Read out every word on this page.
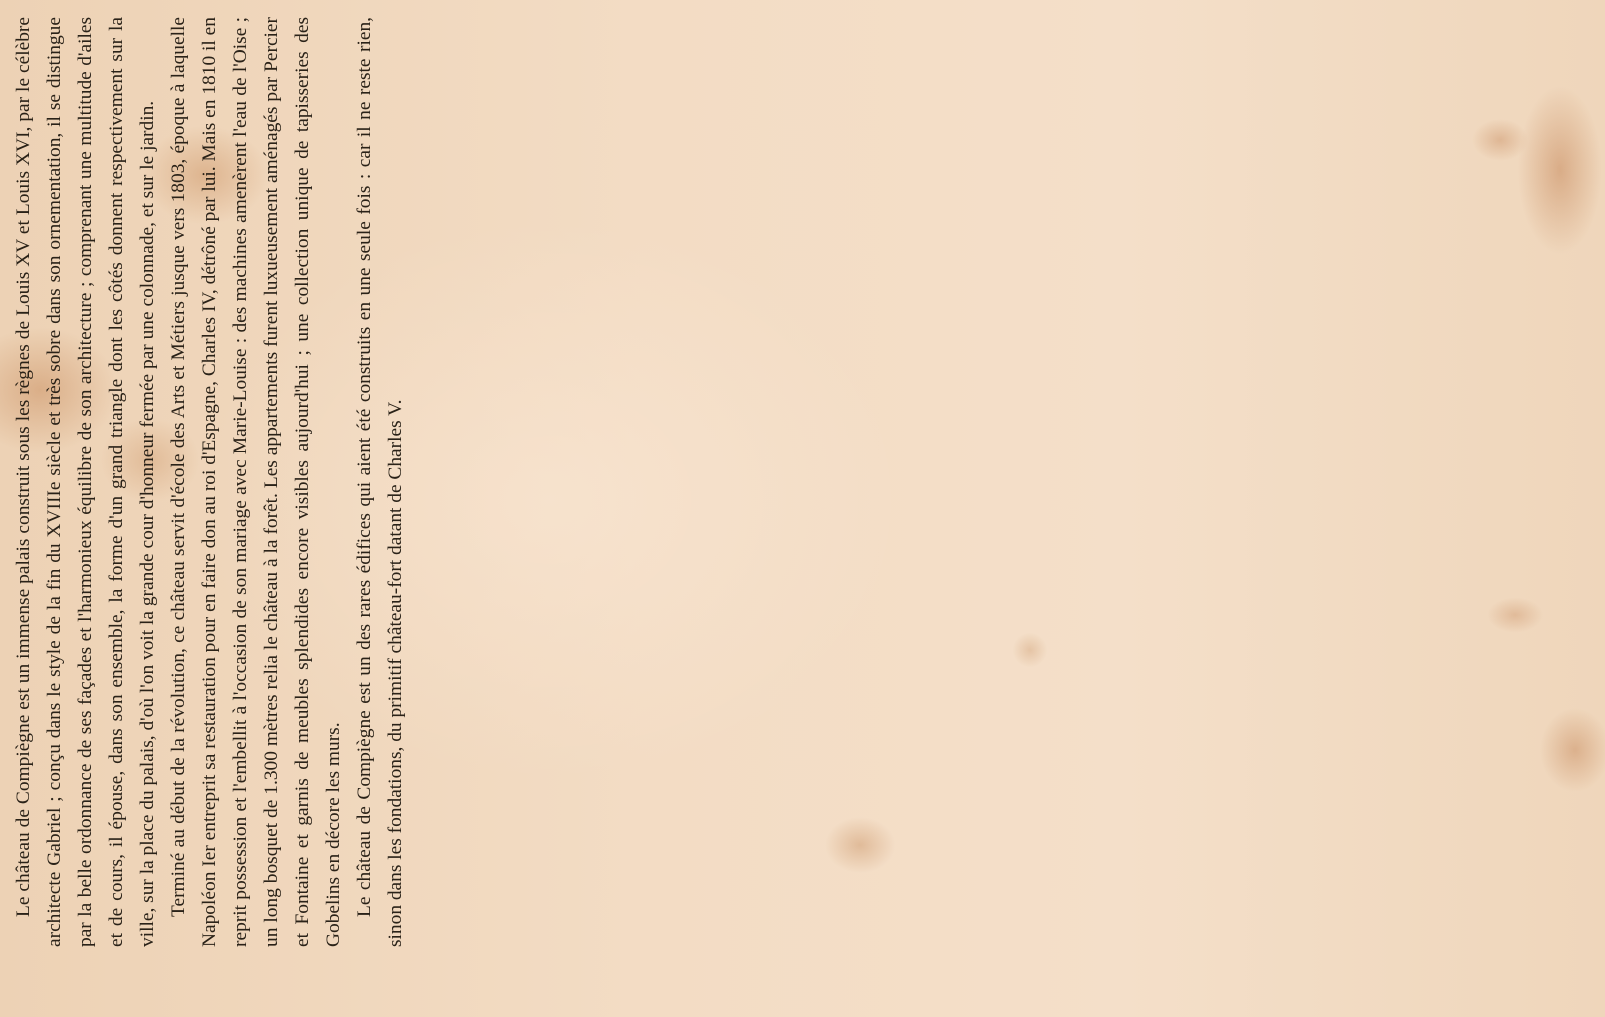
Le château de Compiègne est un immense palais construit sous les règnes de Louis XV et Louis XVI, par le célèbre architecte Gabriel ; conçu dans le style de la fin du XVIIIe siècle et très sobre dans son ornementation, il se distingue par la belle ordonnance de ses façades et l'harmonieux équilibre de son architecture ; comprenant une multitude d'ailes et de cours, il épouse, dans son ensemble, la forme d'un grand triangle dont les côtés donnent respectivement sur la ville, sur la place du palais, d'où l'on voit la grande cour d'honneur fermée par une colonnade, et sur le jardin. Terminé au début de la révolution, ce château servit d'école des Arts et Métiers jusque vers 1803, époque à laquelle Napoléon Ier entreprit sa restauration pour en faire don au roi d'Espagne, Charles IV, détrôné par lui. Mais en 1810 il en reprit possession et l'embellit à l'occasion de son mariage avec Marie-Louise : des machines amenèrent l'eau de l'Oise ; un long bosquet de 1.300 mètres relia le château à la forêt. Les appartements furent luxueusement aménagés par Percier et Fontaine et garnis de meubles splendides encore visibles aujourd'hui ; une collection unique de tapisseries des Gobelins en décore les murs. Le château de Compiègne est un des rares édifices qui aient été construits en une seule fois : car il ne reste rien, sinon dans les fondations, du primitif château-fort datant de Charles V.
